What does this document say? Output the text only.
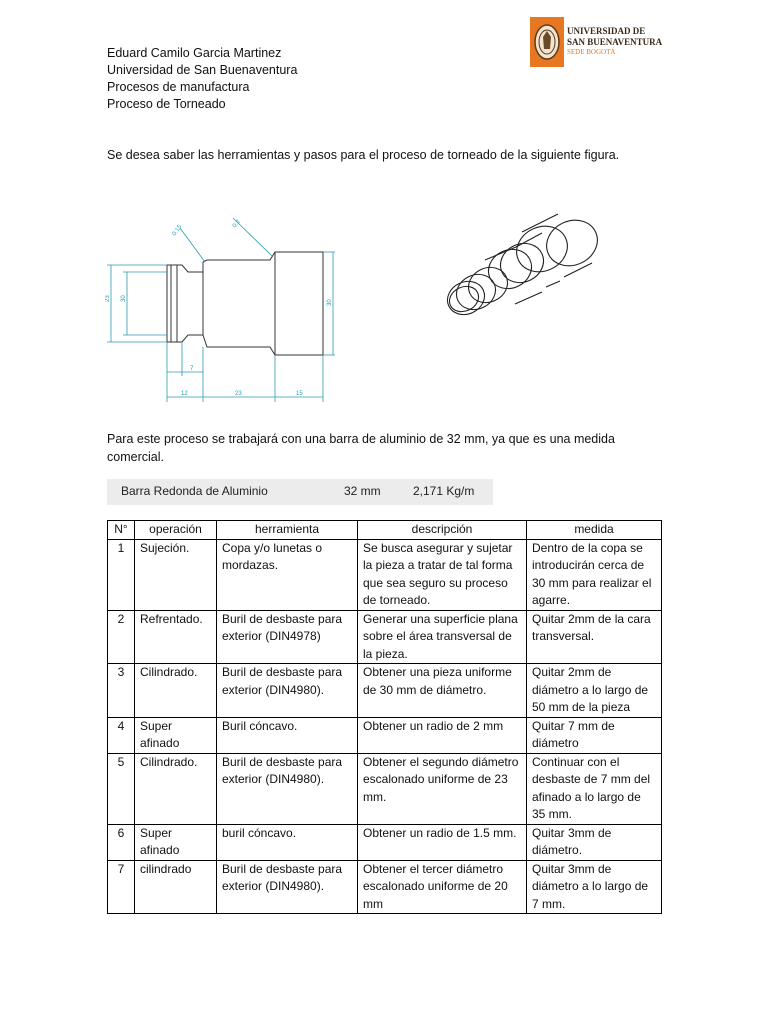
Eduard Camilo Garcia Martinez
Universidad de San Buenaventura
Procesos de manufactura
Proceso de Torneado
UNIVERSIDAD DE
SAN BUENAVENTURA
SEDE BOGOTÁ
Se desea saber las herramientas y pasos para el proceso de torneado de la siguiente figura.
0.15	0.2
23 30
30
7
12	23	15
Para este proceso se trabajará con una barra de aluminio de 32 mm, ya que es una medida comercial.
Barra Redonda de Aluminio	32 mm	2,171 Kg/m
N°	operación	herramienta	descripción	medida
1	Sujeción.	Copa y/o lunetas o mordazas.	Se busca asegurar y sujetar la pieza a tratar de tal forma que sea seguro su proceso de torneado.	Dentro de la copa se introducirán cerca de 30 mm para realizar el agarre.
2	Refrentado.	Buril de desbaste para exterior (DIN4978)	Generar una superficie plana sobre el área transversal de la pieza.	Quitar 2mm de la cara transversal.
3	Cilindrado.	Buril de desbaste para exterior (DIN4980).	Obtener una pieza uniforme de 30 mm de diámetro.	Quitar 2mm de diámetro a lo largo de 50 mm de la pieza
4	Super afinado	Buril cóncavo.	Obtener un radio de 2 mm	Quitar 7 mm de diámetro
5	Cilindrado.	Buril de desbaste para exterior (DIN4980).	Obtener el segundo diámetro escalonado uniforme de 23 mm.	Continuar con el desbaste de 7 mm del afinado a lo largo de 35 mm.
6	Super afinado	buril cóncavo.	Obtener un radio de 1.5 mm.	Quitar 3mm de diámetro.
7	cilindrado	Buril de desbaste para exterior (DIN4980).	Obtener el tercer diámetro escalonado uniforme de 20 mm	Quitar 3mm de diámetro a lo largo de 7 mm.
